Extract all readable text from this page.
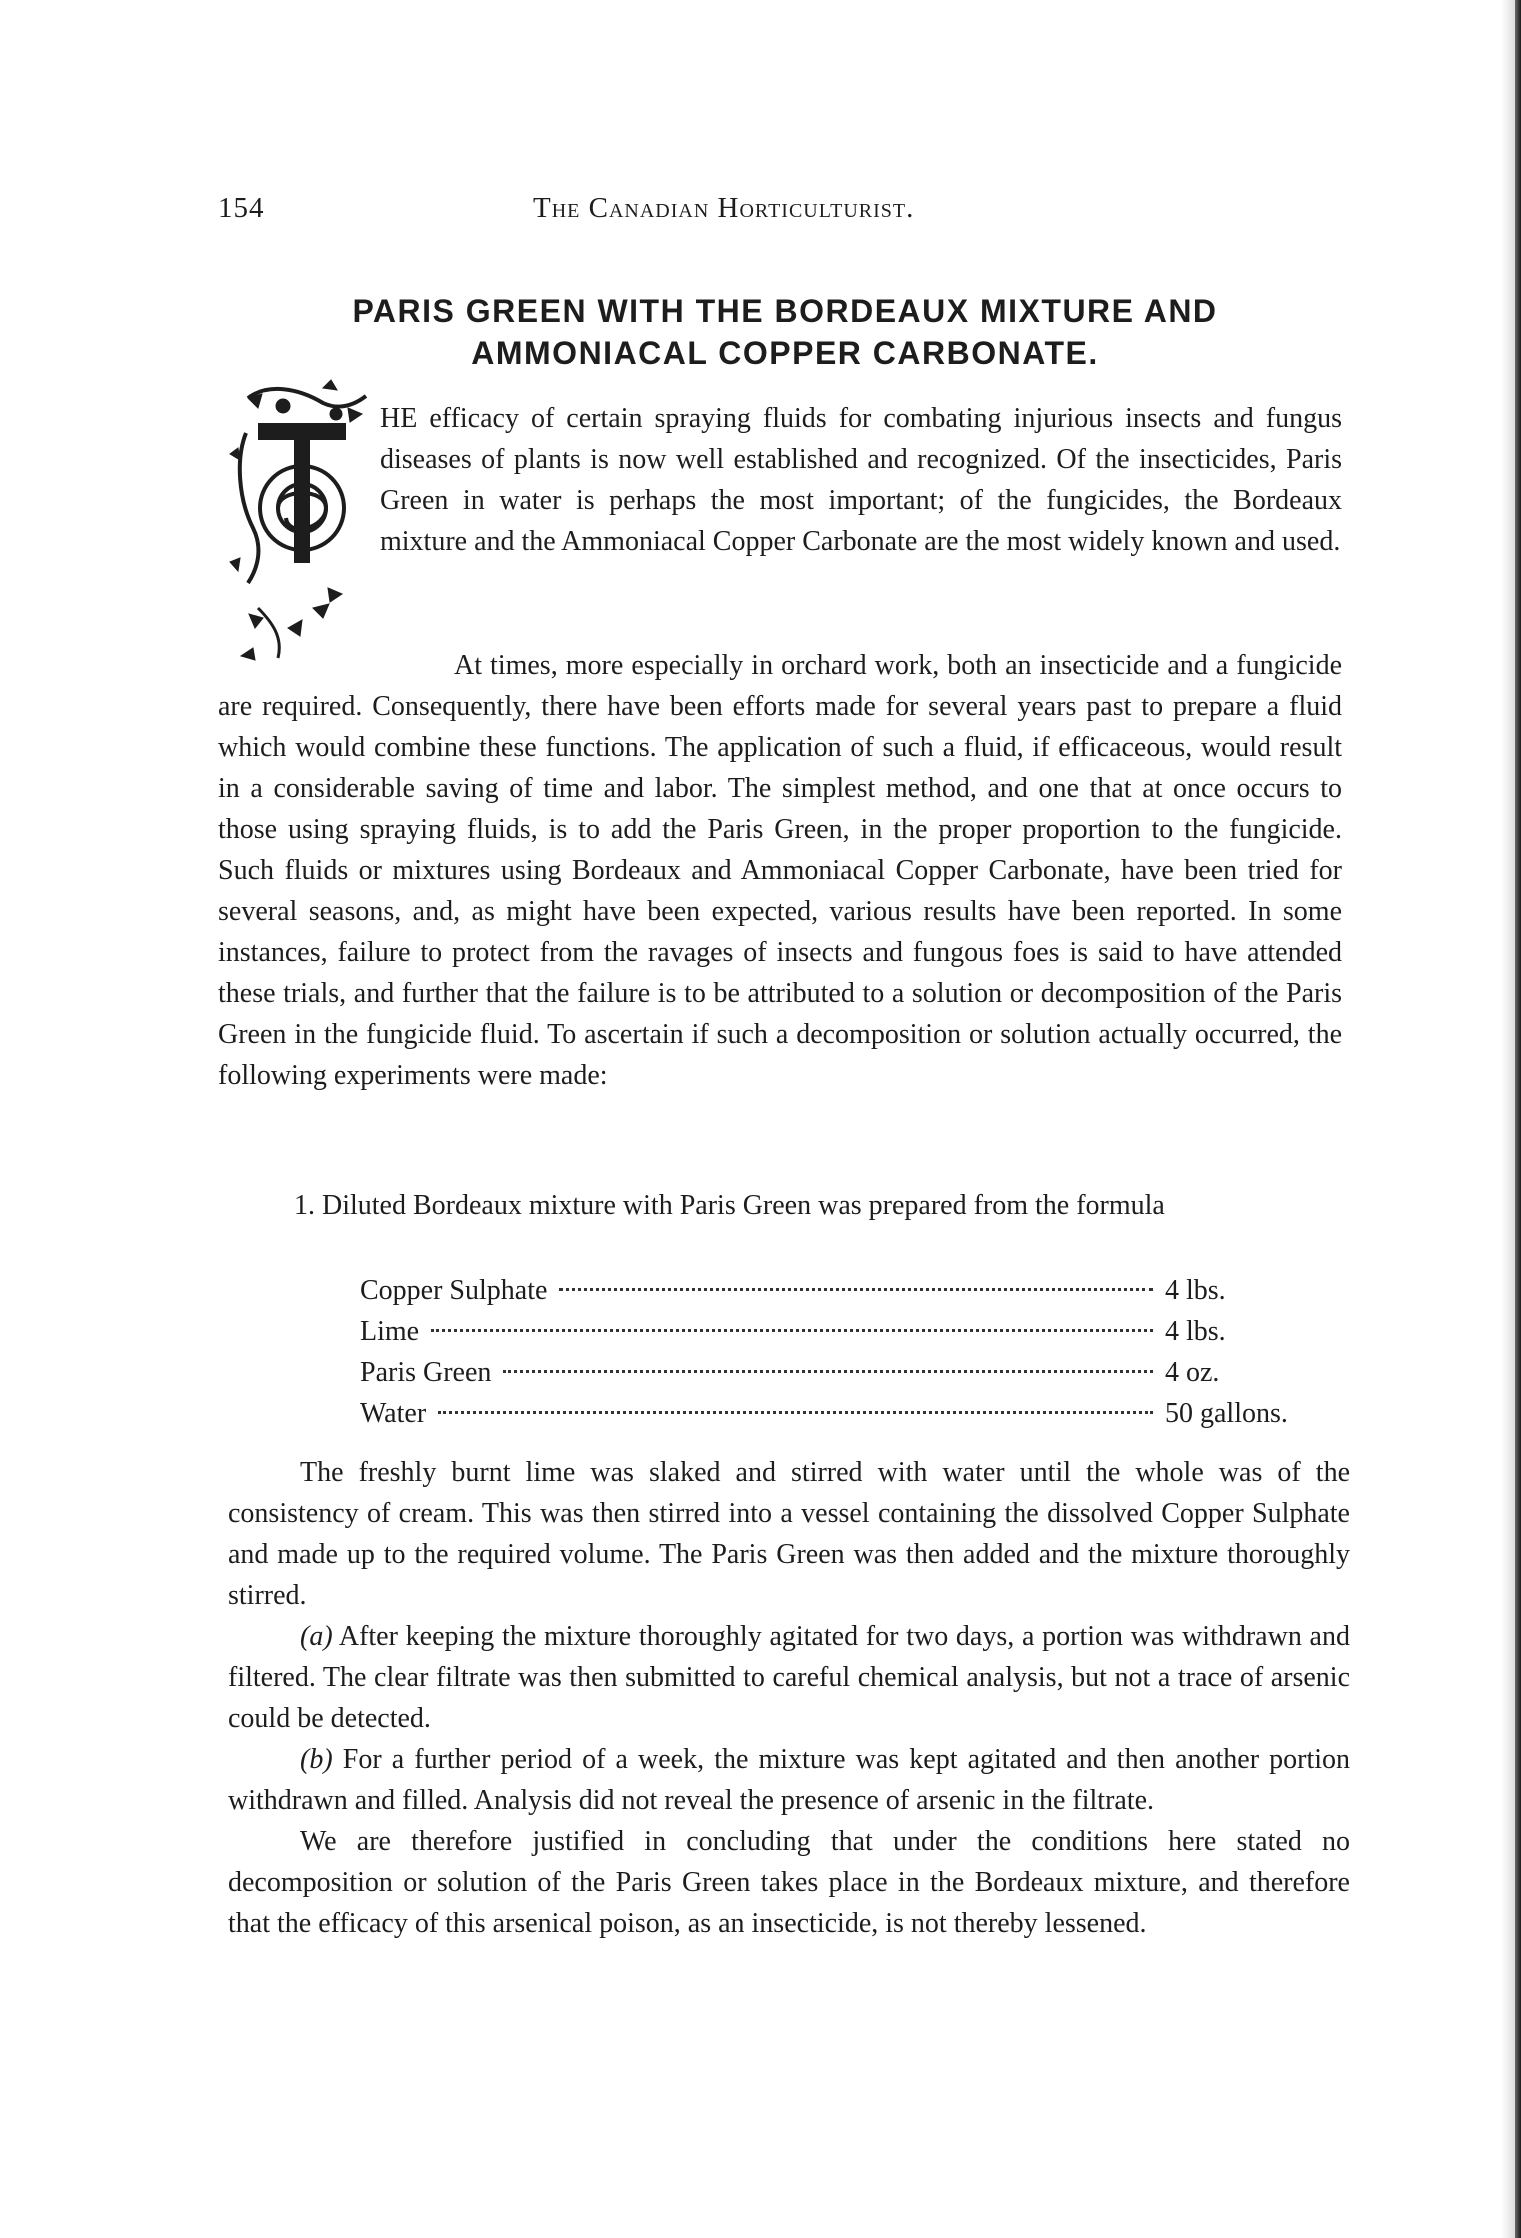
154	The Canadian Horticulturist.
PARIS GREEN WITH THE BORDEAUX MIXTURE AND
AMMONIACAL COPPER CARBONATE.
HE efficacy of certain spraying fluids for combating injurious insects and fungus diseases of plants is now well established and recognized. Of the insecticides, Paris Green in water is perhaps the most important; of the fungicides, the Bordeaux mixture and the Ammoniacal Copper Carbonate are the most widely known and used.

At times, more especially in orchard work, both an insecticide and a fungicide are required. Consequently, there have been efforts made for several years past to prepare a fluid which would combine these functions. The application of such a fluid, if efficaceous, would result in a considerable saving of time and labor. The simplest method, and one that at once occurs to those using spraying fluids, is to add the Paris Green, in the proper proportion to the fungicide. Such fluids or mixtures using Bordeaux and Ammoniacal Copper Carbonate, have been tried for several seasons, and, as might have been expected, various results have been reported. In some instances, failure to protect from the ravages of insects and fungous foes is said to have attended these trials, and further that the failure is to be attributed to a solution or decomposition of the Paris Green in the fungicide fluid. To ascertain if such a decomposition or solution actually occurred, the following experiments were made:

1. Diluted Bordeaux mixture with Paris Green was prepared from the formula

Copper Sulphate	4 lbs.
Lime	4 lbs.
Paris Green	4 oz.
Water	50 gallons.

The freshly burnt lime was slaked and stirred with water until the whole was of the consistency of cream. This was then stirred into a vessel containing the dissolved Copper Sulphate and made up to the required volume. The Paris Green was then added and the mixture thoroughly stirred.

(a) After keeping the mixture thoroughly agitated for two days, a portion was withdrawn and filtered. The clear filtrate was then submitted to careful chemical analysis, but not a trace of arsenic could be detected.

(b) For a further period of a week, the mixture was kept agitated and then another portion withdrawn and filled. Analysis did not reveal the presence of arsenic in the filtrate.

We are therefore justified in concluding that under the conditions here stated no decomposition or solution of the Paris Green takes place in the Bordeaux mixture, and therefore that the efficacy of this arsenical poison, as an insecticide, is not thereby lessened.
